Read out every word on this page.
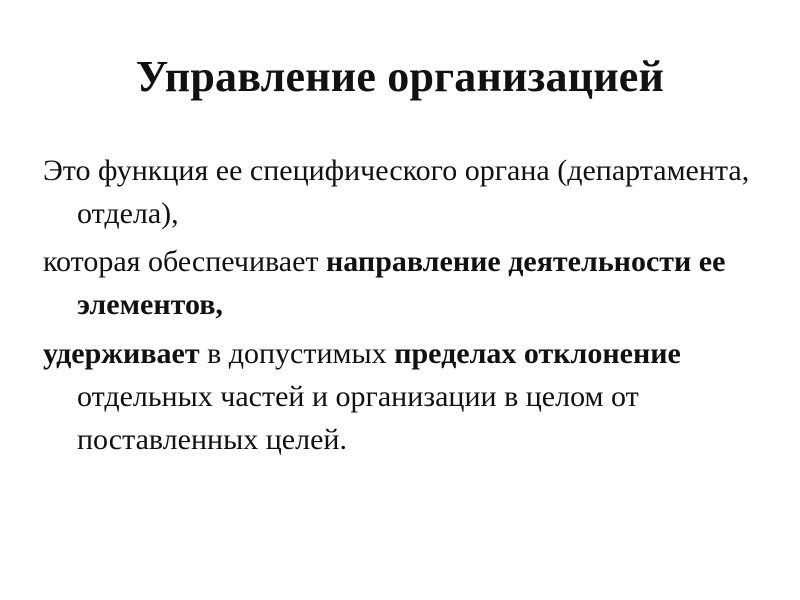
Управление организацией

Это функция ее специфического органа (департамента, отдела),

которая обеспечивает направление деятельности ее элементов,

удерживает в допустимых пределах отклонение отдельных частей и организации в целом от поставленных целей.
